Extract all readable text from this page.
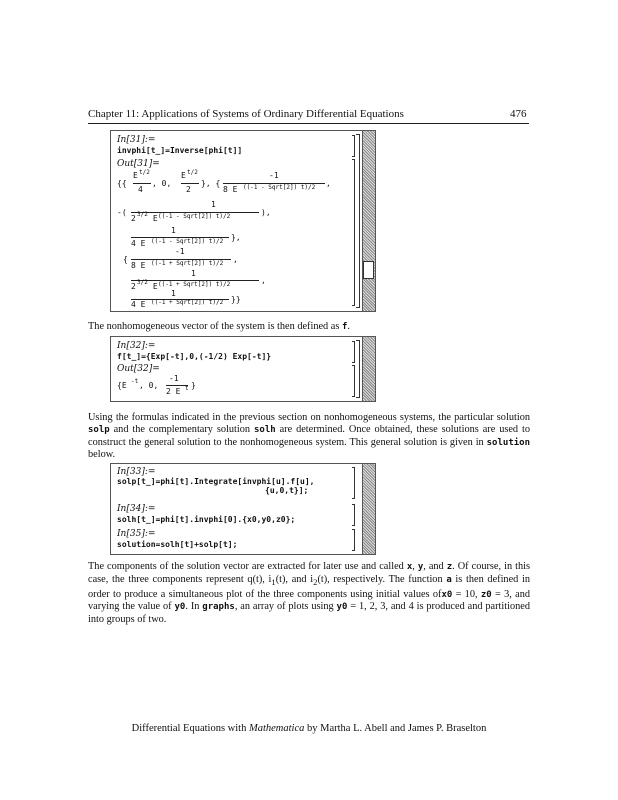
Chapter 11: Applications of Systems of Ordinary Differential Equations	476
In[31]:=
invphi[t_]=Inverse[phi[t]]
Out[31]=
{{
E t/2
4
, 0,
E t/2
2
}, {
-1
8 E ((-1 - Sqrt[2]) t)/2 ,
-(
1
2 3/2 E ((-1 - Sqrt[2]) t)/2	),
1
4 E ((-1 - Sqrt[2]) t)/2 },
{
-1
8 E ((-1 + Sqrt[2]) t)/2 ,
1
2 3/2 E ((-1 + Sqrt[2]) t)/2	,
1
4 E ((-1 + Sqrt[2]) t)/2 }}
The nonhomogeneous vector of the system is then defined as f.
In[32]:=
f[t_]={Exp[-t],0,(-1/2) Exp[-t]}
Out[32]=
{E -t , 0,
-1
2 E t }
Using the formulas indicated in the previous section on nonhomogeneous systems, the particular solution solp and the complementary solution solh are determined. Once obtained, these solutions are used to construct the general solution to the nonhomogeneous system. This general solution is given in solution below.
In[33]:=
solp[t_]=phi[t].Integrate[invphi[u].f[u],
{u,0,t}];
In[34]:=
solh[t_]=phi[t].invphi[0].{x0,y0,z0};
In[35]:=
solution=solh[t]+solp[t];
The components of the solution vector are extracted for later use and called x, y, and z. Of course, in this case, the three components represent q(t), $i_1(t)$, and $i_2(t)$, respectively. The function a is then defined in order to produce a simultaneous plot of the three components using initial values ofx0 = 10, z0 = 3, and varying the value of y0. In graphs, an array of plots using y0 = 1, 2, 3, and 4 is produced and partitioned into groups of two.
Differential Equations with Mathematica by Martha L. Abell and James P. Braselton
